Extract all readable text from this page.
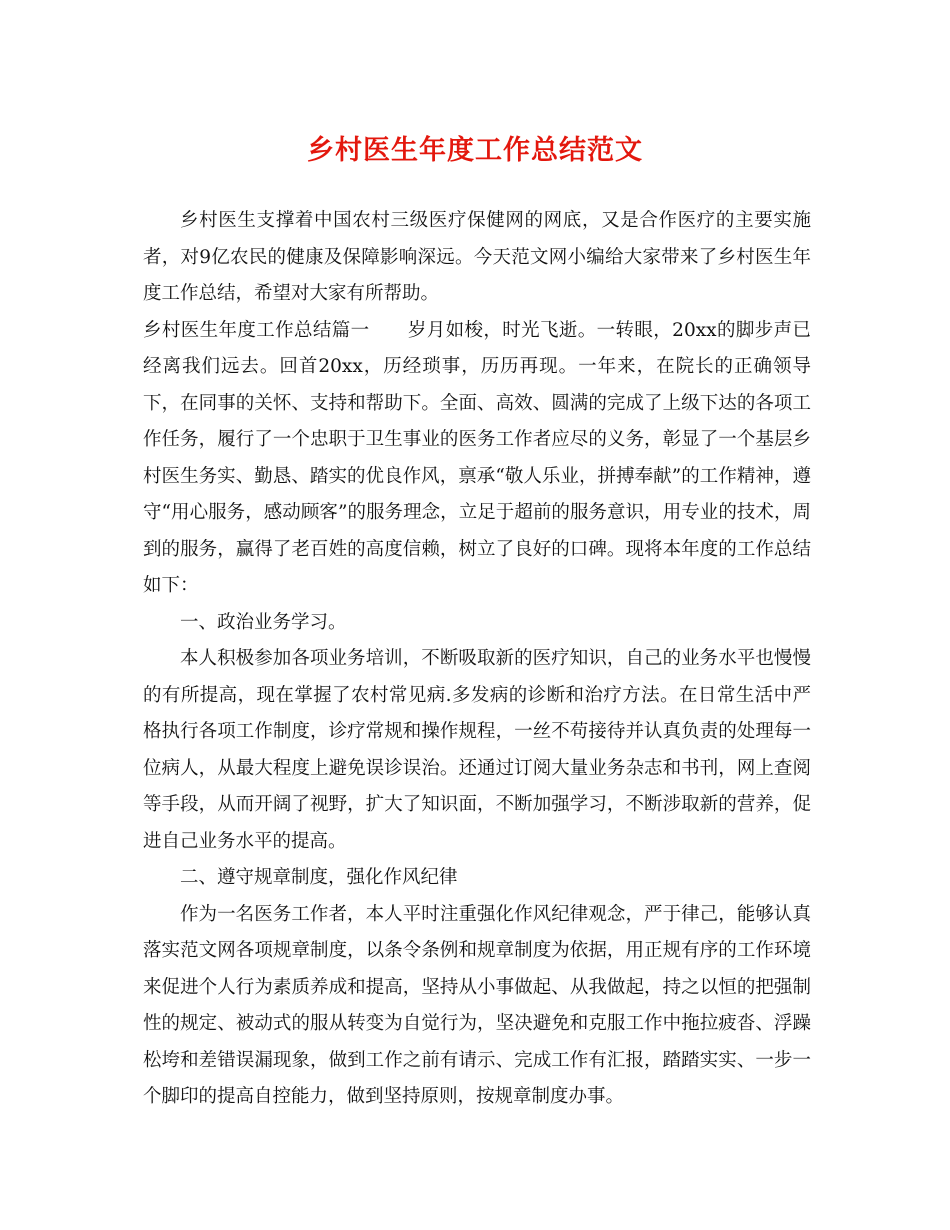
乡村医生年度工作总结范文

乡村医生支撑着中国农村三级医疗保健网的网底，又是合作医疗的主要实施者，对9亿农民的健康及保障影响深远。今天范文网小编给大家带来了乡村医生年度工作总结，希望对大家有所帮助。

乡村医生年度工作总结篇一 岁月如梭，时光飞逝。一转眼，20xx的脚步声已经离我们远去。回首20xx，历经琐事，历历再现。一年来，在院长的正确领导下，在同事的关怀、支持和帮助下。全面、高效、圆满的完成了上级下达的各项工作任务，履行了一个忠职于卫生事业的医务工作者应尽的义务，彰显了一个基层乡村医生务实、勤恳、踏实的优良作风，禀承“敬人乐业，拼搏奉献”的工作精神，遵守“用心服务，感动顾客”的服务理念，立足于超前的服务意识，用专业的技术，周到的服务，赢得了老百姓的高度信赖，树立了良好的口碑。现将本年度的工作总结如下：

一、政治业务学习。

本人积极参加各项业务培训，不断吸取新的医疗知识，自己的业务水平也慢慢的有所提高，现在掌握了农村常见病.多发病的诊断和治疗方法。在日常生活中严格执行各项工作制度，诊疗常规和操作规程，一丝不苟接待并认真负责的处理每一位病人，从最大程度上避免误诊误治。还通过订阅大量业务杂志和书刊，网上查阅等手段，从而开阔了视野，扩大了知识面，不断加强学习，不断涉取新的营养，促进自己业务水平的提高。

二、遵守规章制度，强化作风纪律

作为一名医务工作者，本人平时注重强化作风纪律观念，严于律己，能够认真落实范文网各项规章制度，以条令条例和规章制度为依据，用正规有序的工作环境来促进个人行为素质养成和提高，坚持从小事做起、从我做起，持之以恒的把强制性的规定、被动式的服从转变为自觉行为，坚决避免和克服工作中拖拉疲沓、浮躁松垮和差错误漏现象，做到工作之前有请示、完成工作有汇报，踏踏实实、一步一个脚印的提高自控能力，做到坚持原则，按规章制度办事。
